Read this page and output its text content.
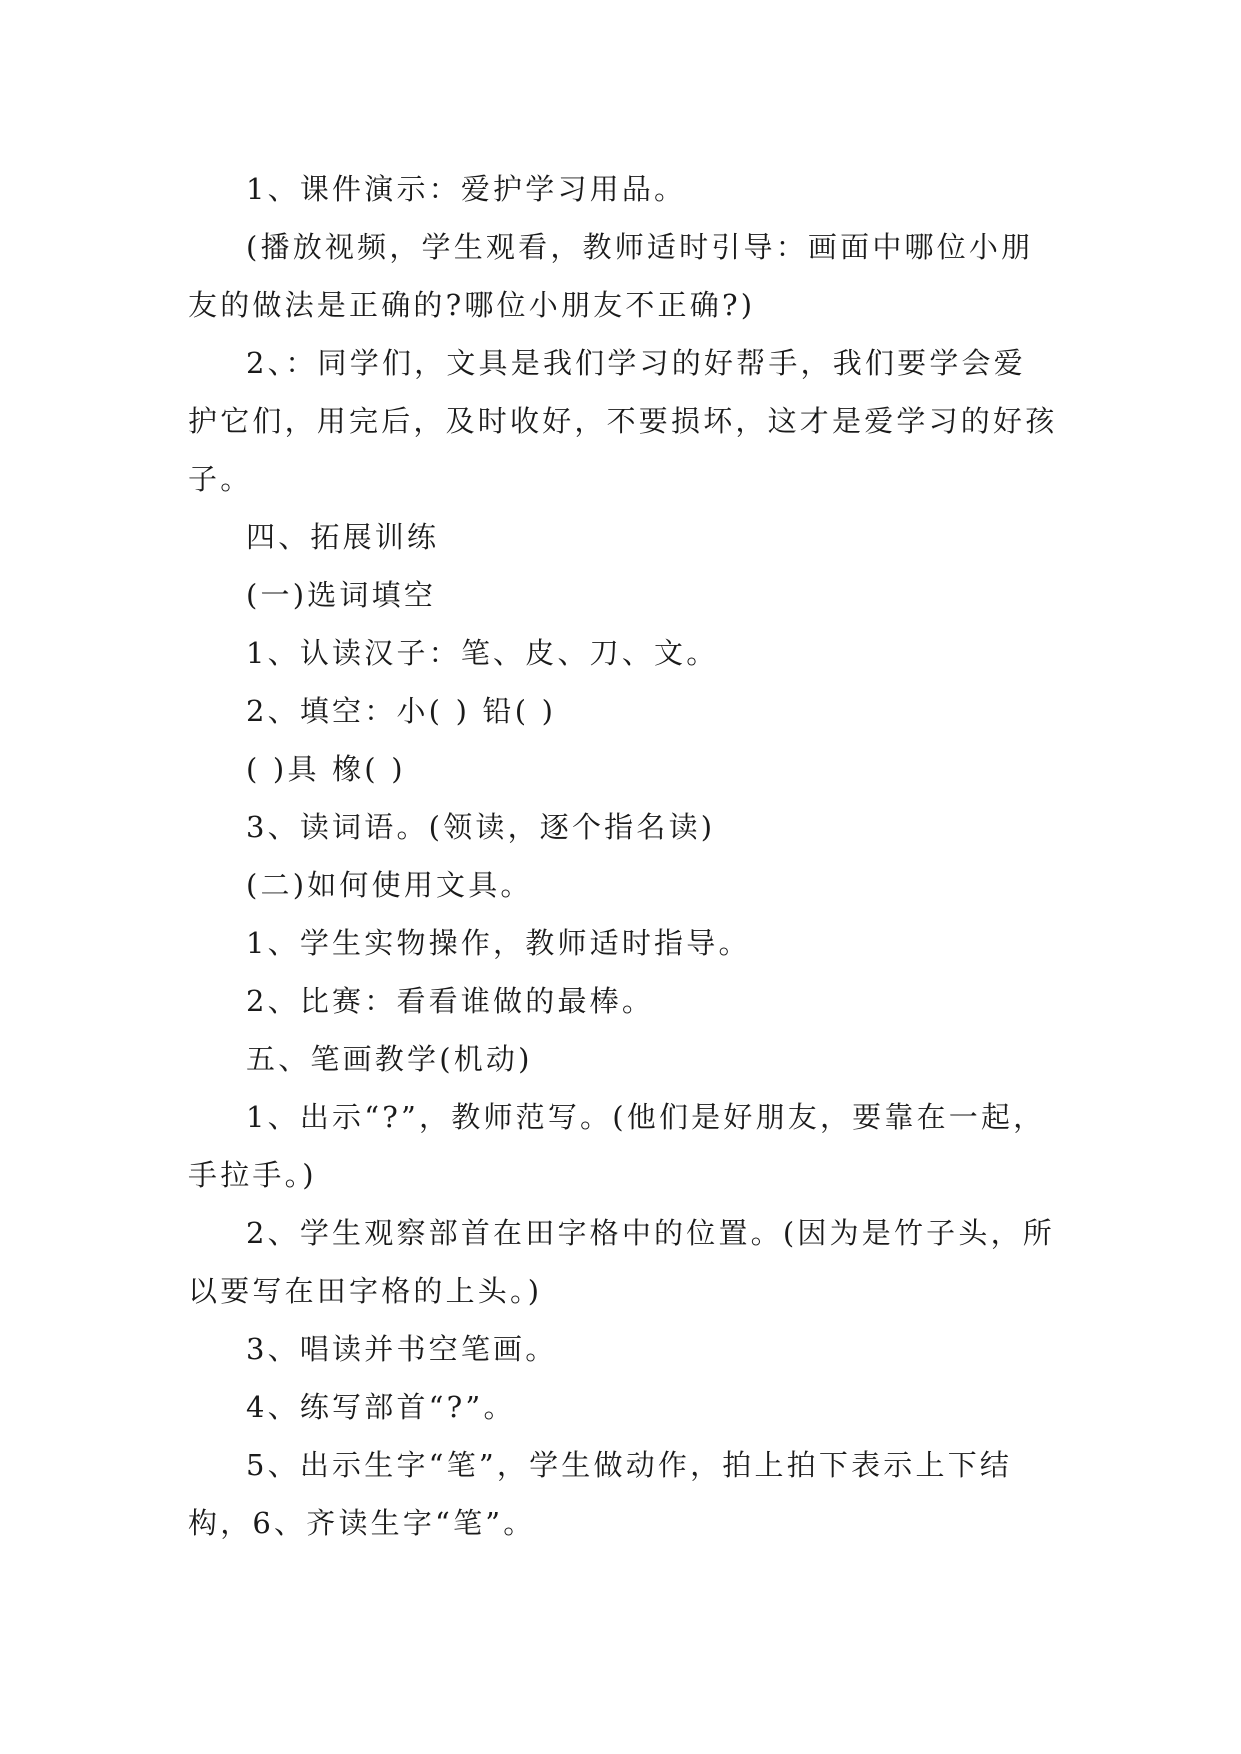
1、课件演示：爱护学习用品。

(播放视频，学生观看，教师适时引导：画面中哪位小朋友的做法是正确的?哪位小朋友不正确?)

2、：同学们，文具是我们学习的好帮手，我们要学会爱护它们，用完后，及时收好，不要损坏，这才是爱学习的好孩子。

四、拓展训练

(一)选词填空

1、认读汉子：笔、皮、刀、文。

2、填空：小( ) 铅( )

( )具 橡( )

3、读词语。(领读，逐个指名读)

(二)如何使用文具。

1、学生实物操作，教师适时指导。

2、比赛：看看谁做的最棒。

五、笔画教学(机动)

1、出示“?”，教师范写。(他们是好朋友，要靠在一起，手拉手。)

2、学生观察部首在田字格中的位置。(因为是竹子头，所以要写在田字格的上头。)

3、唱读并书空笔画。

4、练写部首“?”。

5、出示生字“笔”，学生做动作，拍上拍下表示上下结构，6、齐读生字“笔”。
